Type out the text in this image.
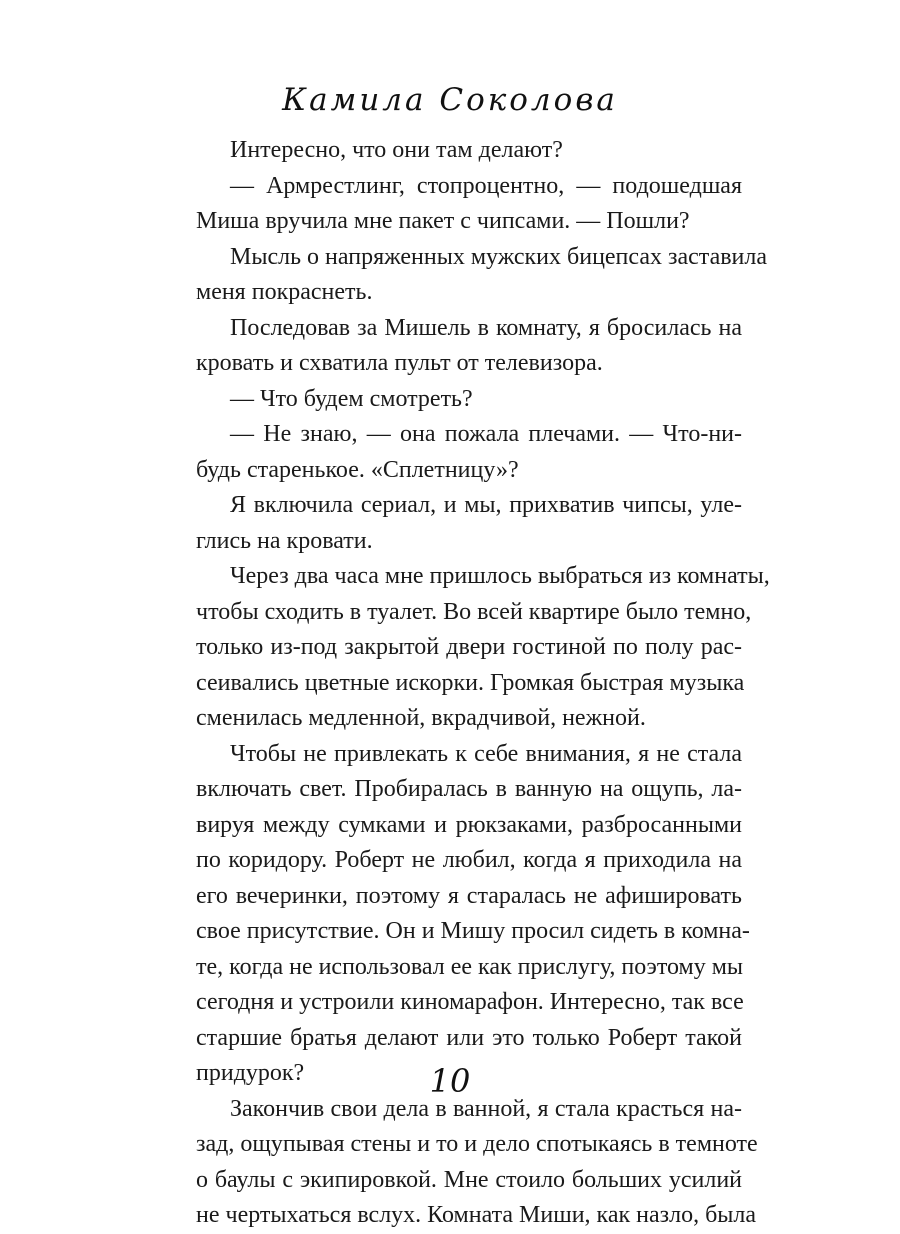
Камила Соколова
Интересно, что они там делают?
— Армрестлинг, стопроцентно, — подошедшая
Миша вручила мне пакет с чипсами. — Пошли?
Мысль о напряженных мужских бицепсах заставила
меня покраснеть.
Последовав за Мишель в комнату, я бросилась на
кровать и схватила пульт от телевизора.
— Что будем смотреть?
— Не знаю, — она пожала плечами. — Что-ни-
будь старенькое. «Сплетницу»?
Я включила сериал, и мы, прихватив чипсы, уле-
глись на кровати.
Через два часа мне пришлось выбраться из комнаты,
чтобы сходить в туалет. Во всей квартире было темно,
только из-под закрытой двери гостиной по полу рас-
сеивались цветные искорки. Громкая быстрая музыка
сменилась медленной, вкрадчивой, нежной.
Чтобы не привлекать к себе внимания, я не стала
включать свет. Пробиралась в ванную на ощупь, ла-
вируя между сумками и рюкзаками, разбросанными
по коридору. Роберт не любил, когда я приходила на
его вечеринки, поэтому я старалась не афишировать
свое присутствие. Он и Мишу просил сидеть в комна-
те, когда не использовал ее как прислугу, поэтому мы
сегодня и устроили киномарафон. Интересно, так все
старшие братья делают или это только Роберт такой
придурок?
Закончив свои дела в ванной, я стала красться на-
зад, ощупывая стены и то и дело спотыкаясь в темноте
о баулы с экипировкой. Мне стоило больших усилий
не чертыхаться вслух. Комната Миши, как назло, была
10
